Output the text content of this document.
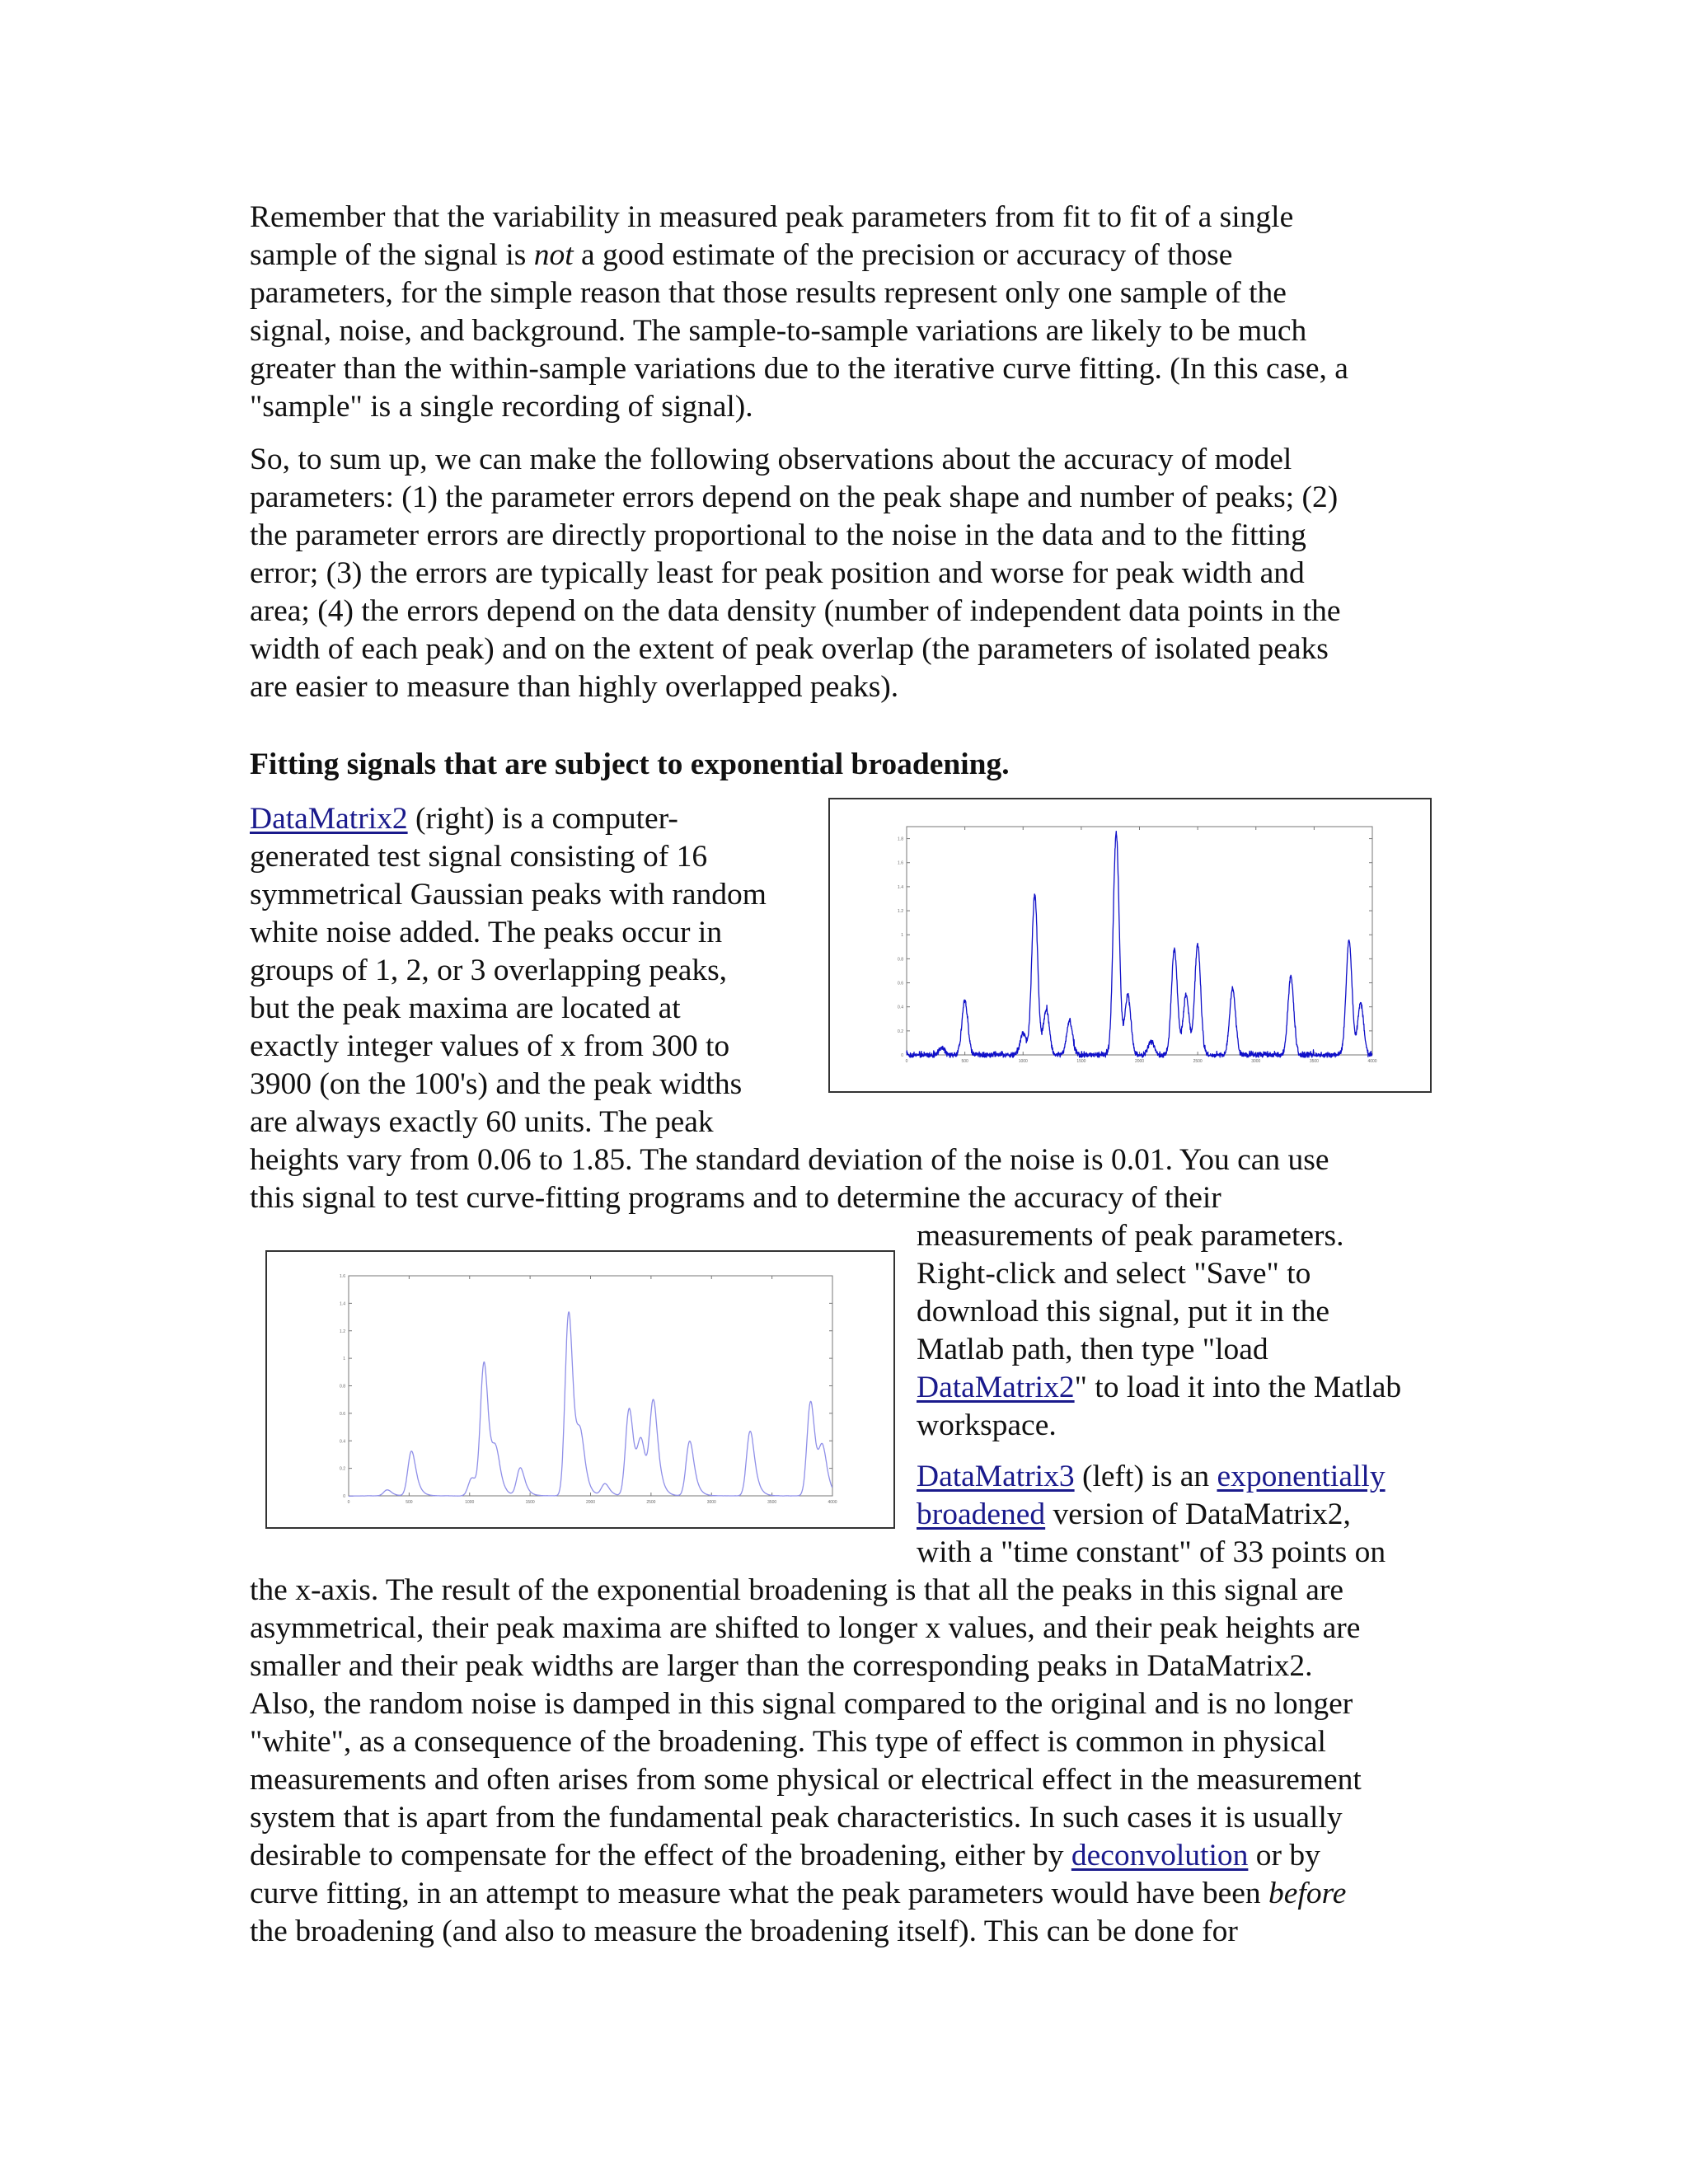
Remember that the variability in measured peak parameters from fit to fit of a single
sample of the signal is not a good estimate of the precision or accuracy of those
parameters, for the simple reason that those results represent only one sample of the
signal, noise, and background. The sample-to-sample variations are likely to be much
greater than the within-sample variations due to the iterative curve fitting. (In this case, a
"sample" is a single recording of signal).

So, to sum up, we can make the following observations about the accuracy of model
parameters: (1) the parameter errors depend on the peak shape and number of peaks; (2)
the parameter errors are directly proportional to the noise in the data and to the fitting
error; (3) the errors are typically least for peak position and worse for peak width and
area; (4) the errors depend on the data density (number of independent data points in the
width of each peak) and on the extent of peak overlap (the parameters of isolated peaks
are easier to measure than highly overlapped peaks).

Fitting signals that are subject to exponential broadening.

DataMatrix2 (right) is a computer-
generated test signal consisting of 16
symmetrical Gaussian peaks with random
white noise added. The peaks occur in
groups of 1, 2, or 3 overlapping peaks,
but the peak maxima are located at
exactly integer values of x from 300 to
3900 (on the 100's) and the peak widths
are always exactly 60 units. The peak
heights vary from 0.06 to 1.85. The standard deviation of the noise is 0.01. You can use
this signal to test curve-fitting programs and to determine the accuracy of their

measurements of peak parameters.
Right-click and select "Save" to
download this signal, put it in the
Matlab path, then type "load
DataMatrix2" to load it into the Matlab
workspace.

DataMatrix3 (left) is an exponentially
broadened version of DataMatrix2,
with a "time constant" of 33 points on

the x-axis. The result of the exponential broadening is that all the peaks in this signal are
asymmetrical, their peak maxima are shifted to longer x values, and their peak heights are
smaller and their peak widths are larger than the corresponding peaks in DataMatrix2.
Also, the random noise is damped in this signal compared to the original and is no longer
"white", as a consequence of the broadening. This type of effect is common in physical
measurements and often arises from some physical or electrical effect in the measurement
system that is apart from the fundamental peak characteristics. In such cases it is usually
desirable to compensate for the effect of the broadening, either by deconvolution or by
curve fitting, in an attempt to measure what the peak parameters would have been before
the broadening (and also to measure the broadening itself). This can be done for

0	500	1000	1500	2000	2500	3000	3500	4000
0
0.2
0.4
0.6
0.8
1
1.2
1.4
1.6
1.8
0	500	1000	1500	2000	2500	3000	3500	4000
0
0.2
0.4
0.6
0.8
1
1.2
1.4
1.6
